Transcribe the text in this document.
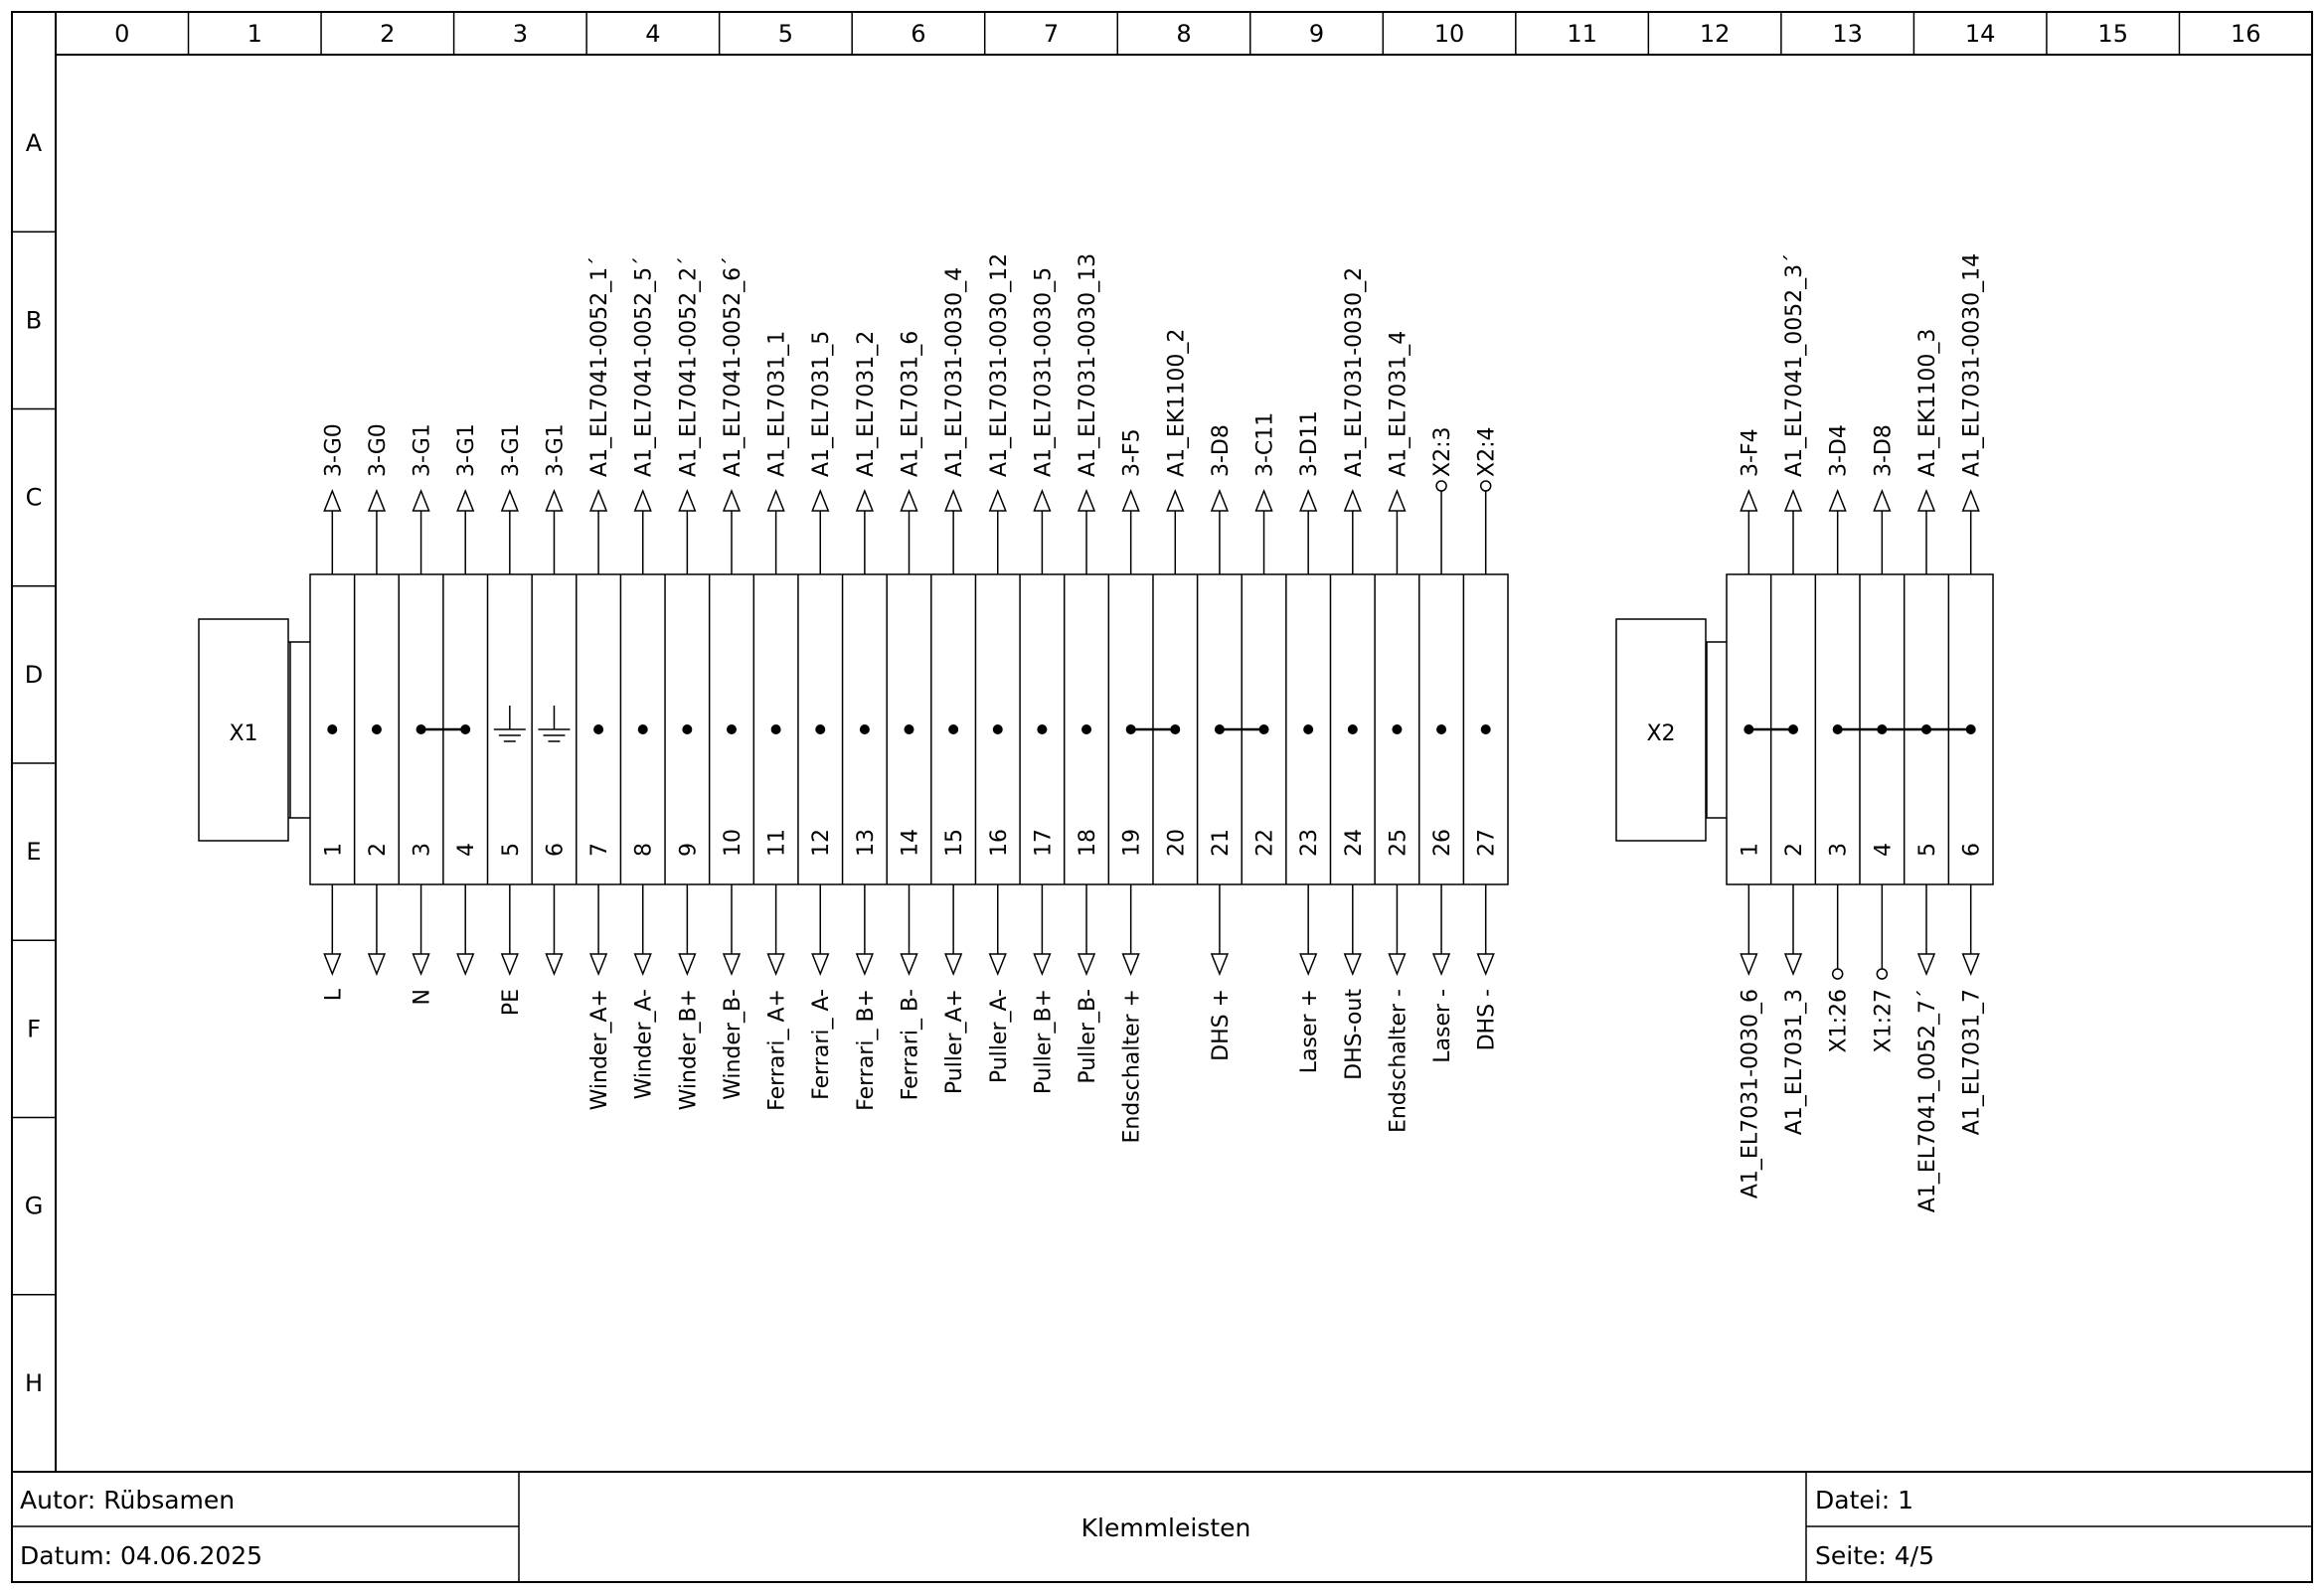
0	1	2	3	4	5	6	7	8	9	10	11	12	13	14	15	16
A
B
C
D
E
F
G
H
X1
1
3-G0
L
2
3-G0
3
3-G1
N
4
3-G1
5
3-G1
PE
6
3-G1
7
A1_EL7041-0052_1´
Winder_A+
8
A1_EL7041-0052_5´
Winder_A-
9
A1_EL7041-0052_2´
Winder_B+
10
A1_EL7041-0052_6´
Winder_B-
11
A1_EL7031_1
Ferrari_ A+
12
A1_EL7031_5
Ferrari_ A-
13
A1_EL7031_2
Ferrari_ B+
14
A1_EL7031_6
Ferrari_ B-
15
A1_EL7031-0030_4
Puller_A+
16
A1_EL7031-0030_12
Puller_A-
17
A1_EL7031-0030_5
Puller_B+
18
A1_EL7031-0030_13
Puller_B-
19
3-F5
Endschalter +
20
A1_EK1100_2
21
3-D8
DHS +
22
3-C11
23
3-D11
Laser +
24
A1_EL7031-0030_2
DHS-out
25
A1_EL7031_4
Endschalter -
26
X2:3
Laser -
27
X2:4
DHS -
X2
1
3-F4
A1_EL7031-0030_6
2
A1_EL7041_0052_3´
A1_EL7031_3
3
3-D4
X1:26
4
3-D8
X1:27
5
A1_EK1100_3
A1_EL7041_0052_7´
6
A1_EL7031-0030_14
A1_EL7031_7
Autor: Rübsamen
Datum: 04.06.2025
Klemmleisten
Datei: 1
Seite: 4/5
